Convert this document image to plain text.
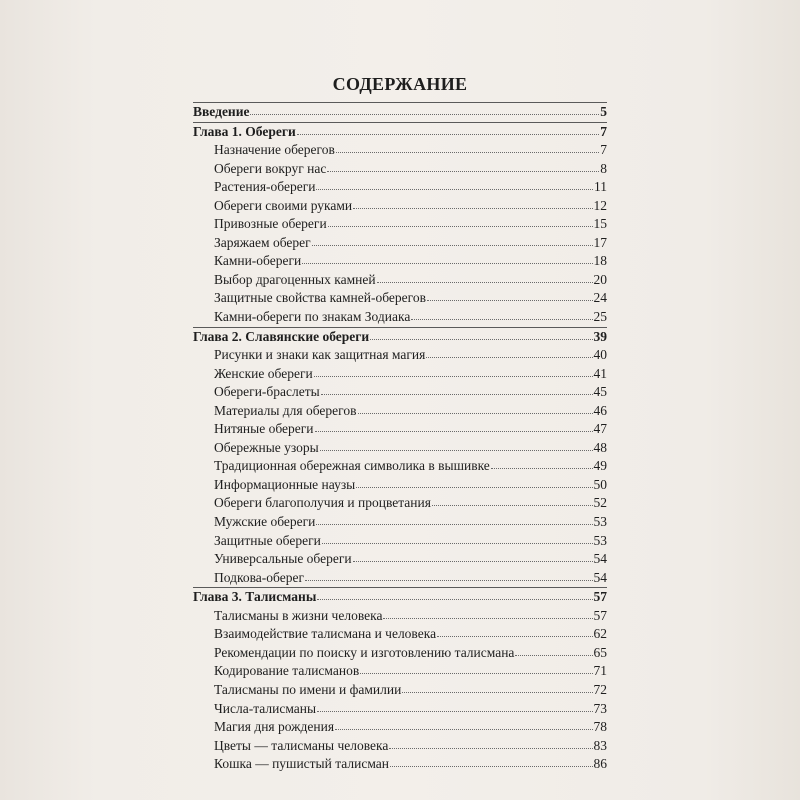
СОДЕРЖАНИЕ
Введение	5
Глава 1. Обереги	7
Назначение оберегов	7
Обереги вокруг нас	8
Растения-обереги	11
Обереги своими руками	12
Привозные обереги	15
Заряжаем оберег	17
Камни-обереги	18
Выбор драгоценных камней	20
Защитные свойства камней-оберегов	24
Камни-обереги по знакам Зодиака	25
Глава 2. Славянские обереги	39
Рисунки и знаки как защитная магия	40
Женские обереги	41
Обереги-браслеты	45
Материалы для оберегов	46
Нитяные обереги	47
Обережные узоры	48
Традиционная обережная символика в вышивке	49
Информационные наузы	50
Обереги благополучия и процветания	52
Мужские обереги	53
Защитные обереги	53
Универсальные обереги	54
Подкова-оберег	54
Глава 3. Талисманы	57
Талисманы в жизни человека	57
Взаимодействие талисмана и человека	62
Рекомендации по поиску и изготовлению талисмана	65
Кодирование талисманов	71
Талисманы по имени и фамилии	72
Числа-талисманы	73
Магия дня рождения	78
Цветы — талисманы человека	83
Кошка — пушистый талисман	86
